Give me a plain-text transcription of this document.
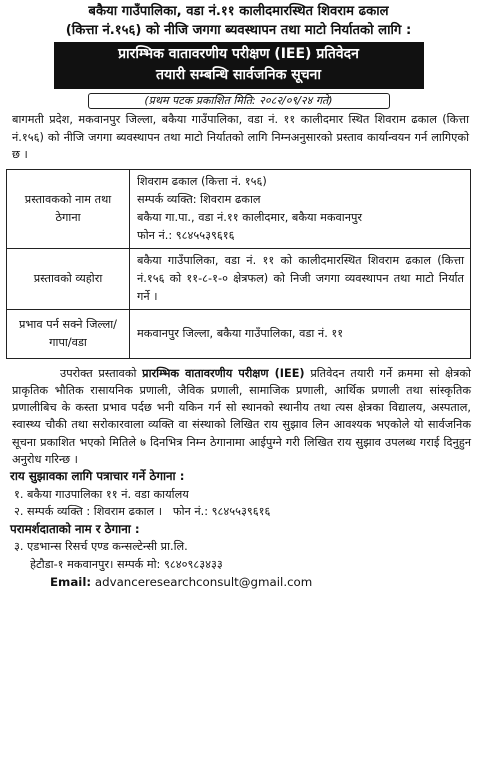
बकैया गाउँपालिका, वडा नं.११ कालीदमारस्थित शिवराम ढकाल
(कित्ता नं.१५६) को नीजि जगगा ब्यवस्थापन तथा माटो निर्यातको लागि :
प्रारम्भिक वातावरणीय परीक्षण (IEE) प्रतिवेदन
तयारी सम्बन्धि सार्वजनिक सूचना
(प्रथम पटक प्रकाशित मिति: २०८२/०९/२४ गते)
बागमती प्रदेश, मकवानपुर जिल्ला, बकैया गाउँपालिका, वडा नं. ११ कालीदमार स्थित शिवराम ढकाल (कित्ता नं.१५६) को नीजि जगगा ब्यवस्थापन तथा माटो निर्यातको लागि निम्नअनुसारको प्रस्ताव कार्यान्वयन गर्न लागिएको छ ।
प्रस्तावकको नाम तथा ठेगाना	शिवराम ढकाल (कित्ता नं. १५६)
सम्पर्क व्यक्ति: शिवराम ढकाल
बकैया गा.पा., वडा नं.११ कालीदमार, बकैया मकवानपुर
फोन नं.: ९८४५५३९६१६

प्रस्तावको व्यहोरा	बकैया गाउँपालिका, वडा नं. ११ को कालीदमारस्थित शिवराम ढकाल (कित्ता नं.१५६ को ११-८-१-० क्षेत्रफल) को निजी जगगा व्यवस्थापन तथा माटो निर्यात गर्ने ।
प्रभाव पर्न सक्ने जिल्ला/गापा/वडा	मकवानपुर जिल्ला, बकैया गाउँपालिका, वडा नं. ११
उपरोक्त प्रस्तावको प्रारम्भिक वातावरणीय परीक्षण (IEE) प्रतिवेदन तयारी गर्ने क्रममा सो क्षेत्रको प्राकृतिक भौतिक रासायनिक प्रणाली, जैविक प्रणाली, सामाजिक प्रणाली, आर्थिक प्रणाली तथा सांस्कृतिक प्रणालीबिच के कस्ता प्रभाव पर्दछ भनी यकिन गर्न सो स्थानको स्थानीय तथा त्यस क्षेत्रका विद्यालय, अस्पताल, स्वास्थ्य चौकी तथा सरोकारवाला व्यक्ति वा संस्थाको लिखित राय सुझाव लिन आवश्यक भएकोले यो सार्वजनिक सूचना प्रकाशित भएको मितिले ७ दिनभित्र निम्न ठेगानामा आईपुग्ने गरी लिखित राय सुझाव उपलब्ध गराई दिनुहुन अनुरोध गरिन्छ ।
राय सुझावका लागि पत्राचार गर्ने ठेगाना :
१. बकैया गाउपालिका ११ नं. वडा कार्यालय
२. सम्पर्क व्यक्ति : शिवराम ढकाल ।   फोन नं.: ९८४५५३९६१६
परामर्शदाताको नाम र ठेगाना :
३. एडभान्स रिसर्च एण्ड कन्सल्टेन्सी प्रा.लि.
हेटौडा-१ मकवानपुर। सम्पर्क मो: ९८४०९८३४३३
Email: advanceresearchconsult@gmail.com
